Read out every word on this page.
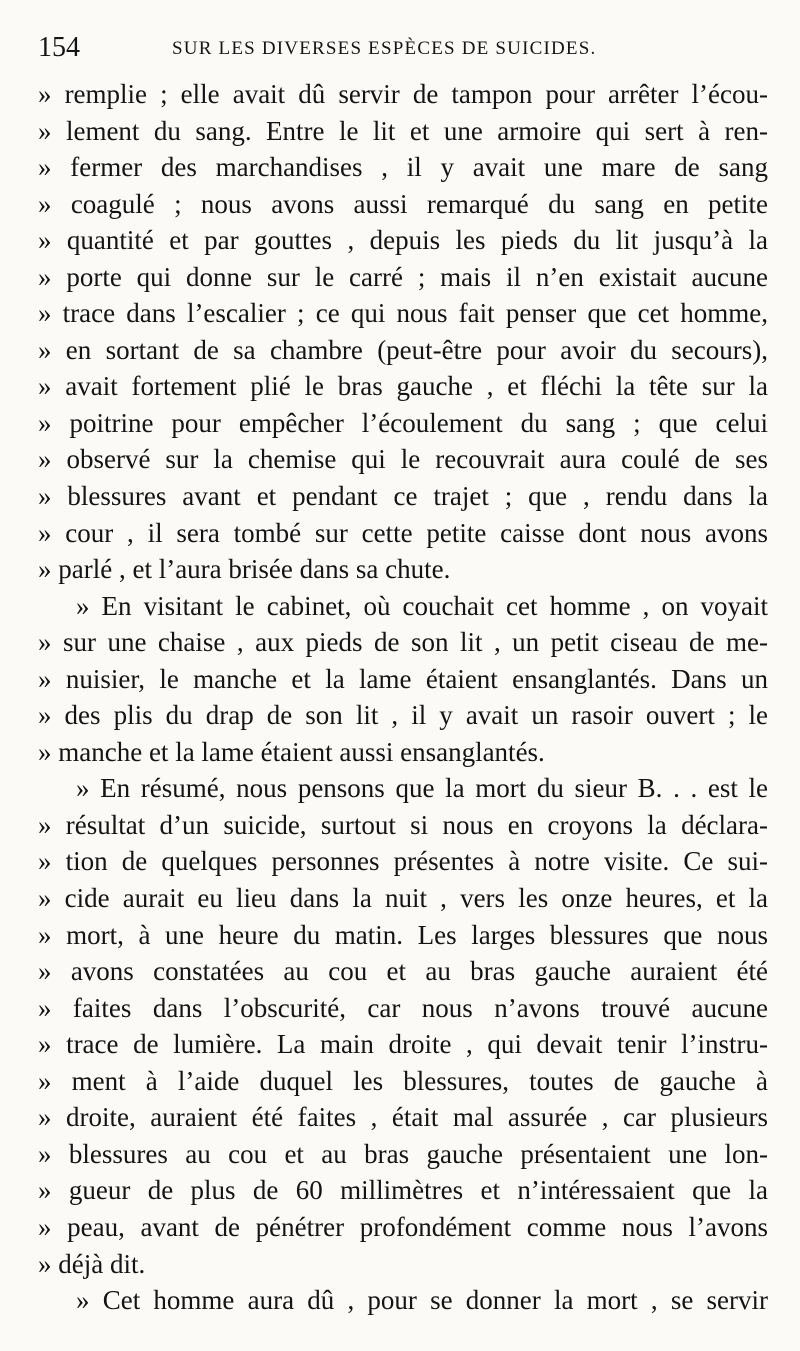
154	SUR LES DIVERSES ESPÈCES DE SUICIDES.
» remplie ; elle avait dû servir de tampon pour arrêter l’écou-
» lement du sang. Entre le lit et une armoire qui sert à ren-
» fermer des marchandises , il y avait une mare de sang
» coagulé ; nous avons aussi remarqué du sang en petite
» quantité et par gouttes , depuis les pieds du lit jusqu’à la
» porte qui donne sur le carré ; mais il n’en existait aucune
» trace dans l’escalier ; ce qui nous fait penser que cet homme,
» en sortant de sa chambre (peut-être pour avoir du secours),
» avait fortement plié le bras gauche , et fléchi la tête sur la
» poitrine pour empêcher l’écoulement du sang ; que celui
» observé sur la chemise qui le recouvrait aura coulé de ses
» blessures avant et pendant ce trajet ; que , rendu dans la
» cour , il sera tombé sur cette petite caisse dont nous avons
» parlé , et l’aura brisée dans sa chute.
» En visitant le cabinet, où couchait cet homme , on voyait
» sur une chaise , aux pieds de son lit , un petit ciseau de me-
» nuisier, le manche et la lame étaient ensanglantés. Dans un
» des plis du drap de son lit , il y avait un rasoir ouvert ; le
» manche et la lame étaient aussi ensanglantés.
» En résumé, nous pensons que la mort du sieur B. . . est le
» résultat d’un suicide, surtout si nous en croyons la déclara-
» tion de quelques personnes présentes à notre visite. Ce sui-
» cide aurait eu lieu dans la nuit , vers les onze heures, et la
» mort, à une heure du matin. Les larges blessures que nous
» avons constatées au cou et au bras gauche auraient été
» faites dans l’obscurité, car nous n’avons trouvé aucune
» trace de lumière. La main droite , qui devait tenir l’instru-
» ment à l’aide duquel les blessures, toutes de gauche à
» droite, auraient été faites , était mal assurée , car plusieurs
» blessures au cou et au bras gauche présentaient une lon-
» gueur de plus de 60 millimètres et n’intéressaient que la
» peau, avant de pénétrer profondément comme nous l’avons
» déjà dit.
» Cet homme aura dû , pour se donner la mort , se servir
